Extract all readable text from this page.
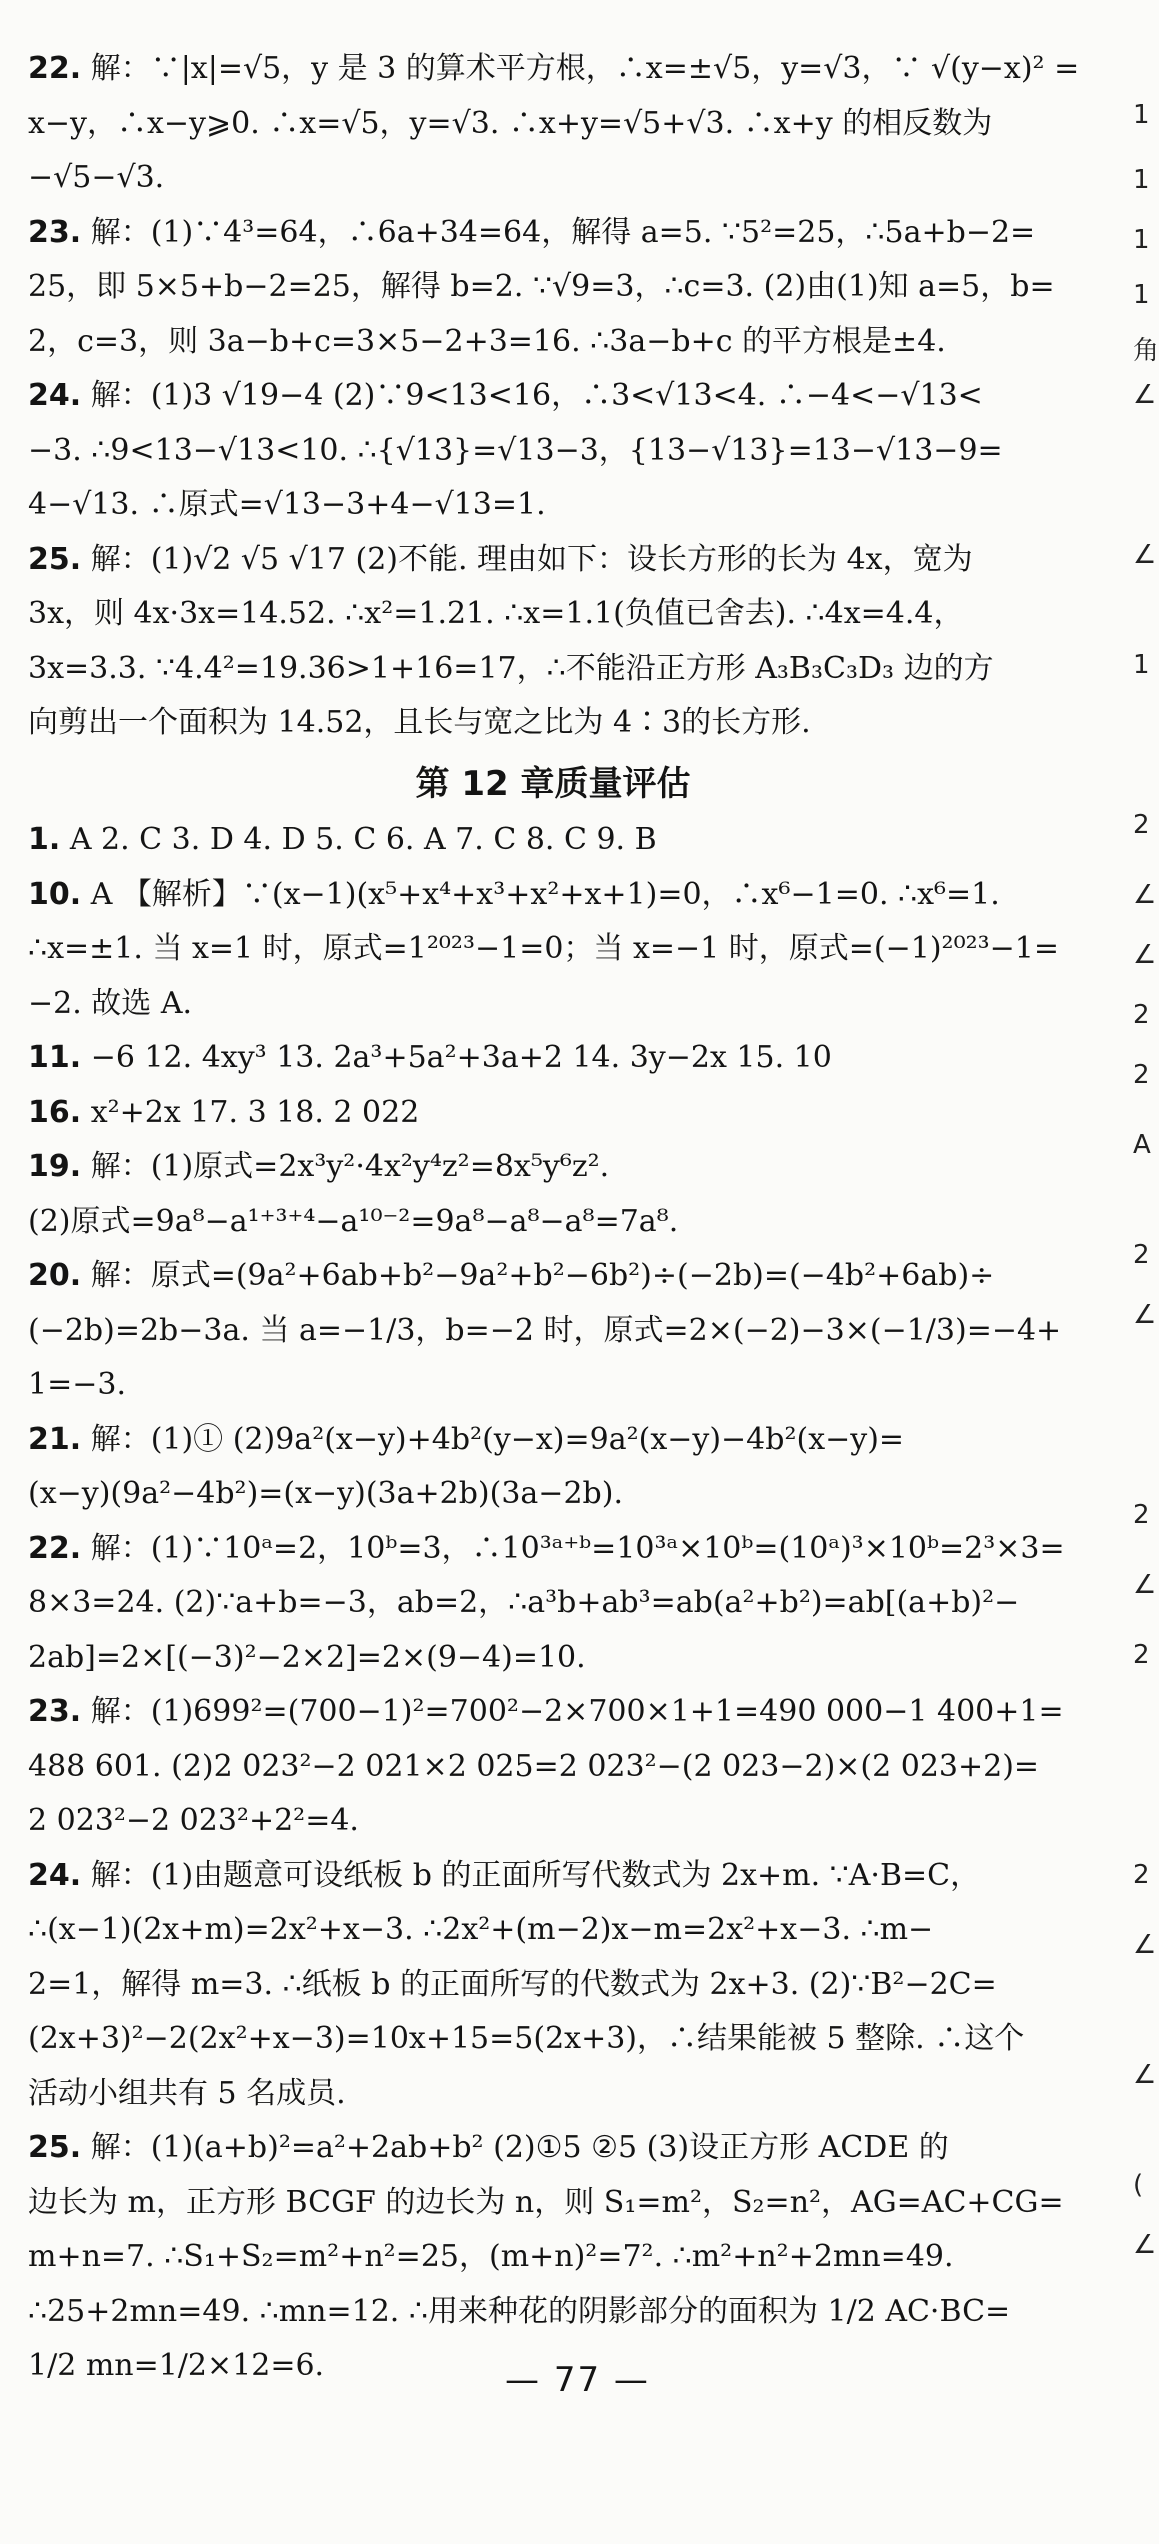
22. 解：∵|x|=√5，y 是 3 的算术平方根，∴x=±√5，y=√3，∵ √(y−x)² =
x−y，∴x−y⩾0. ∴x=√5，y=√3. ∴x+y=√5+√3. ∴x+y 的相反数为
−√5−√3.
23. 解：(1)∵4³=64，∴6a+34=64，解得 a=5. ∵5²=25，∴5a+b−2=
25，即 5×5+b−2=25，解得 b=2. ∵√9=3，∴c=3. (2)由(1)知 a=5，b=
2，c=3，则 3a−b+c=3×5−2+3=16. ∴3a−b+c 的平方根是±4.
24. 解：(1)3 √19−4 (2)∵9<13<16，∴3<√13<4. ∴−4<−√13<
−3. ∴9<13−√13<10. ∴{√13}=√13−3，{13−√13}=13−√13−9=
4−√13. ∴原式=√13−3+4−√13=1.
25. 解：(1)√2 √5 √17 (2)不能. 理由如下：设长方形的长为 4x，宽为
3x，则 4x·3x=14.52. ∴x²=1.21. ∴x=1.1(负值已舍去). ∴4x=4.4，
3x=3.3. ∵4.4²=19.36>1+16=17，∴不能沿正方形 A₃B₃C₃D₃ 边的方
向剪出一个面积为 14.52，且长与宽之比为 4∶3的长方形.
第 12 章质量评估
1. A 2. C 3. D 4. D 5. C 6. A 7. C 8. C 9. B
10. A 【解析】∵(x−1)(x⁵+x⁴+x³+x²+x+1)=0，∴x⁶−1=0. ∴x⁶=1.
∴x=±1. 当 x=1 时，原式=1²⁰²³−1=0；当 x=−1 时，原式=(−1)²⁰²³−1=
−2. 故选 A.
11. −6 12. 4xy³ 13. 2a³+5a²+3a+2 14. 3y−2x 15. 10
16. x²+2x 17. 3 18. 2 022
19. 解：(1)原式=2x³y²·4x²y⁴z²=8x⁵y⁶z².
(2)原式=9a⁸−a¹⁺³⁺⁴−a¹⁰⁻²=9a⁸−a⁸−a⁸=7a⁸.
20. 解：原式=(9a²+6ab+b²−9a²+b²−6b²)÷(−2b)=(−4b²+6ab)÷
(−2b)=2b−3a. 当 a=−1/3，b=−2 时，原式=2×(−2)−3×(−1/3)=−4+
1=−3.
21. 解：(1)① (2)9a²(x−y)+4b²(y−x)=9a²(x−y)−4b²(x−y)=
(x−y)(9a²−4b²)=(x−y)(3a+2b)(3a−2b).
22. 解：(1)∵10ᵃ=2，10ᵇ=3，∴10³ᵃ⁺ᵇ=10³ᵃ×10ᵇ=(10ᵃ)³×10ᵇ=2³×3=
8×3=24. (2)∵a+b=−3，ab=2，∴a³b+ab³=ab(a²+b²)=ab[(a+b)²−
2ab]=2×[(−3)²−2×2]=2×(9−4)=10.
23. 解：(1)699²=(700−1)²=700²−2×700×1+1=490 000−1 400+1=
488 601. (2)2 023²−2 021×2 025=2 023²−(2 023−2)×(2 023+2)=
2 023²−2 023²+2²=4.
24. 解：(1)由题意可设纸板 b 的正面所写代数式为 2x+m. ∵A·B=C，
∴(x−1)(2x+m)=2x²+x−3. ∴2x²+(m−2)x−m=2x²+x−3. ∴m−
2=1，解得 m=3. ∴纸板 b 的正面所写的代数式为 2x+3. (2)∵B²−2C=
(2x+3)²−2(2x²+x−3)=10x+15=5(2x+3)，∴结果能被 5 整除. ∴这个
活动小组共有 5 名成员.
25. 解：(1)(a+b)²=a²+2ab+b² (2)①5 ②5 (3)设正方形 ACDE 的
边长为 m，正方形 BCGF 的边长为 n，则 S₁=m²，S₂=n²，AG=AC+CG=
m+n=7. ∴S₁+S₂=m²+n²=25，(m+n)²=7². ∴m²+n²+2mn=49.
∴25+2mn=49. ∴mn=12. ∴用来种花的阴影部分的面积为 1/2 AC·BC=
1/2 mn=1/2×12=6.	— 77 —
1
1
1
1
角
∠
∠
1
2
∠
∠
2
2
A
2
∠
2
∠
2
2
∠
∠
(
∠
